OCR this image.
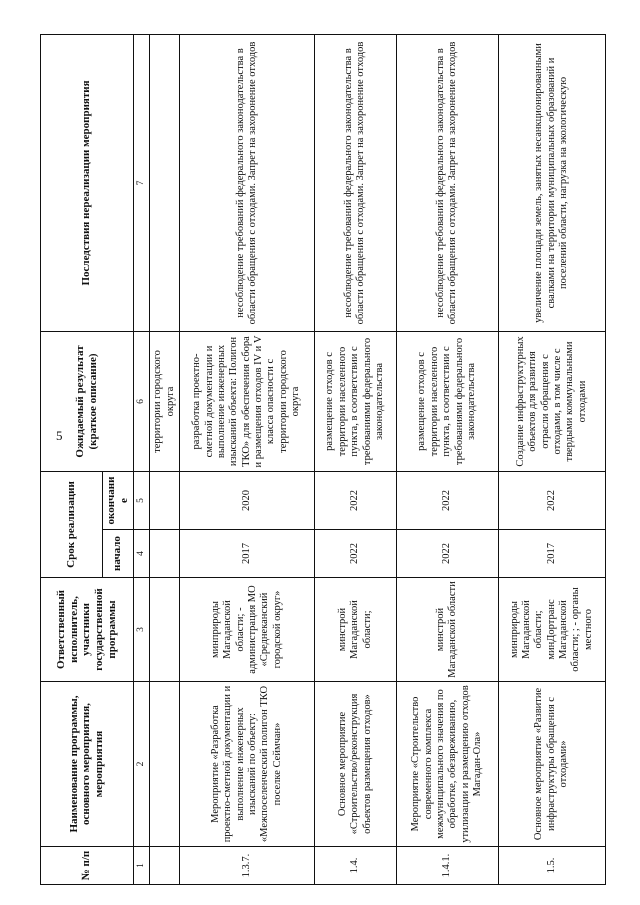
5
№ п/п	Наименование программы, основного мероприятия, мероприятия	Ответственный исполнитель, участники государственной программы	Срок реализации		Ожидаемый результат (краткое описание)	Последствия нереализации мероприятия
			начало	окончание		
1	2	3	4	5	6	7
					территории городского округа	
1.3.7.	Мероприятие «Разработка проектно-сметной документации и выполнение инженерных изысканий по объекту: «Межпоселенческий полигон ТКО поселке Сеймчан»	минприроды Магаданской области; - администрация МО «Среднеканский городской округ»	2017	2020	разработка проектно-сметной документации и выполнение инженерных изысканий объекта: Полигон ТКО» для обеспечения сбора и размещения отходов IV и V класса опасности с территории городского округа	несоблюдение требований федерального законодательства в области обращения с отходами. Запрет на захоронение отходов
1.4.	Основное мероприятие «Строительство/реконструкция объектов размещения отходов»	минстрой Магаданской области;	2022	2022	размещение отходов с территории населенного пункта, в соответствии с требованиями федерального законодательства	несоблюдение требований федерального законодательства в области обращения с отходами. Запрет на захоронение отходов
1.4.1.	Мероприятие «Строительство современного комплекса межмуниципального значения по обработке, обезвреживанию, утилизации и размещению отходов Магадан-Ола»	минстрой Магаданской области	2022	2022	размещение отходов с территории населенного пункта, в соответствии с требованиями федерального законодательства	несоблюдение требований федерального законодательства в области обращения с отходами. Запрет на захоронение отходов
1.5.	Основное мероприятие «Развитие инфраструктуры обращения с отходами»	минприроды Магаданской области; минДортранс Магаданской области; ; - органы местного	2017	2022	Создание инфраструктурных объектов для развития отрасли обращения с отходами, в том числе с твердыми коммунальными отходами	увеличение площади земель, занятых несанкционированными свалками на территории муниципальных образований и поселений области, нагрузка на экологическую
